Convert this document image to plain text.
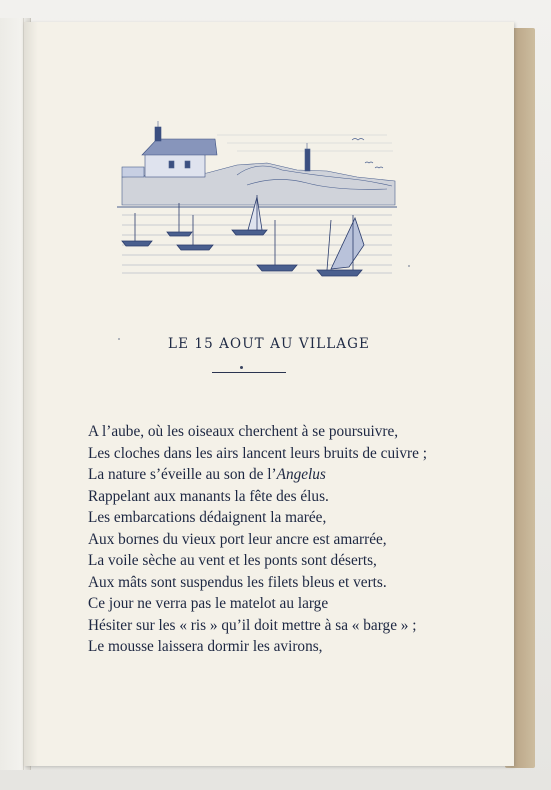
LE 15 AOUT AU VILLAGE
A l’aube, où les oiseaux cherchent à se poursuivre,
Les cloches dans les airs lancent leurs bruits de cuivre ;
La nature s’éveille au son de l’Angelus
Rappelant aux manants la fête des élus.
Les embarcations dédaignent la marée,
Aux bornes du vieux port leur ancre est amarrée,
La voile sèche au vent et les ponts sont déserts,
Aux mâts sont suspendus les filets bleus et verts.
Ce jour ne verra pas le matelot au large
Hésiter sur les « ris » qu’il doit mettre à sa « barge » ;
Le mousse laissera dormir les avirons,
